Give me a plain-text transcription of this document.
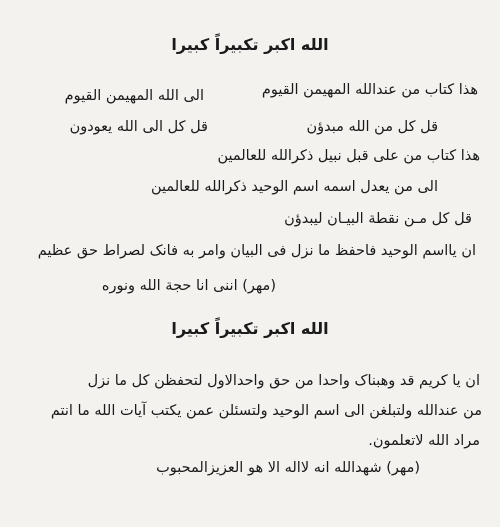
الله اکبر تکبيراً کبيرا
هذا کتاب من عندالله المهيمن القيوم
الى الله المهيمن القيوم
قل کل من الله مبدؤن
قل کل الى الله يعودون
هذا کتاب من علی قبل نبيل ذکرالله للعالمين
الى من يعدل اسمه اسم الوحيد ذکرالله للعالمين
قل کل مـن نقطة البيـان ليبدؤن
ان يااسم الوحيد فاحفظ ما نزل فی البيان وامر به فانک لصراط حق عظيم
(مهر) اننی انا حجة الله ونوره
الله اکبر تکبيراً کبيرا
ان يا کريم قد وهبناک واحدا من حق واحدالاول لتحفظن کل ما نزل
من عندالله ولتبلغن الى اسم الوحيد ولتسئلن عمن يکتب آيات الله ما انتم
مراد الله لاتعلمون.
(مهر) شهدالله انه لااله الا هو العزيزالمحبوب
